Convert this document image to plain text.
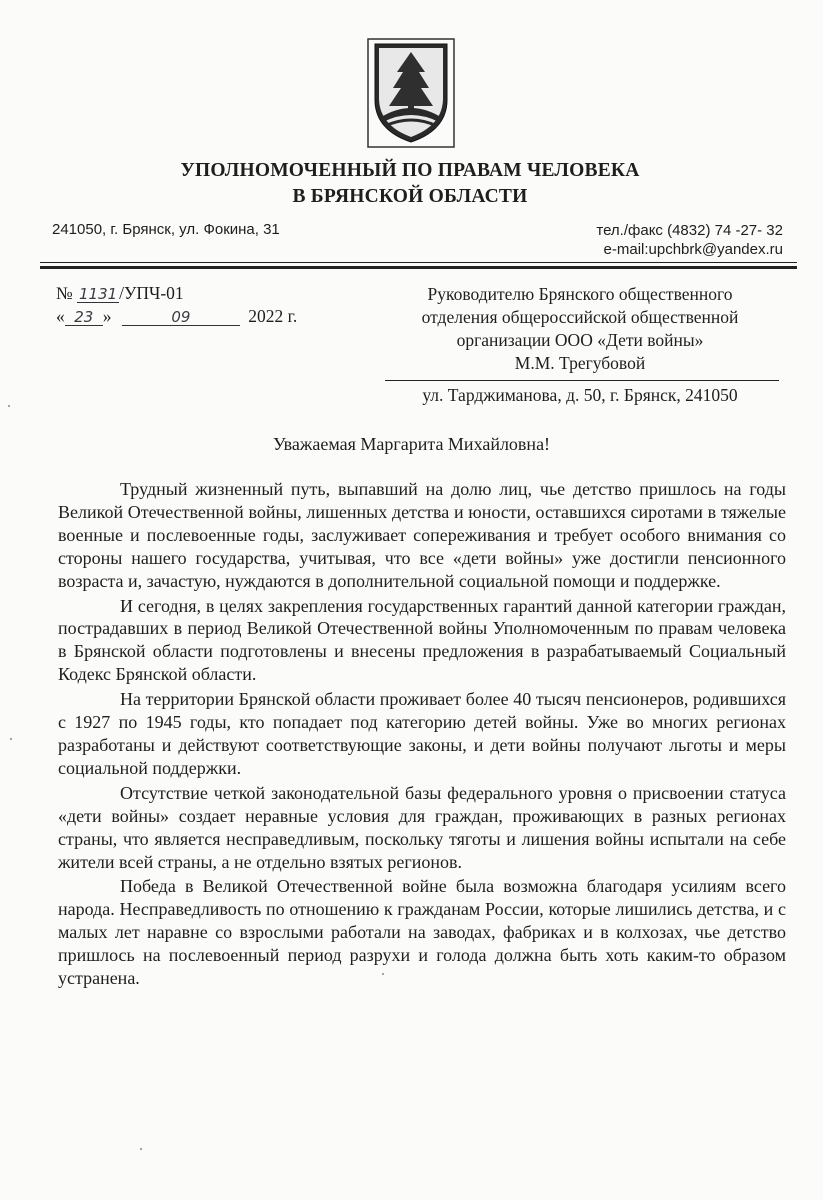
УПОЛНОМОЧЕННЫЙ ПО ПРАВАМ ЧЕЛОВЕКА
В БРЯНСКОЙ ОБЛАСТИ
241050, г. Брянск, ул. Фокина, 31	тел./факс (4832) 74 -27- 32
e-mail:upchbrk@yandex.ru
№ 1131 /УПЧ-01
« 23 »	09	2022 г.
Руководителю Брянского общественного
отделения общероссийской общественной
организации ООО «Дети войны»
М.М. Трегубовой
ул. Тарджиманова, д. 50, г. Брянск, 241050
Уважаемая Маргарита Михайловна!

Трудный жизненный путь, выпавший на долю лиц, чье детство пришлось на годы Великой Отечественной войны, лишенных детства и юности, оставшихся сиротами в тяжелые военные и послевоенные годы, заслуживает сопереживания и требует особого внимания со стороны нашего государства, учитывая, что все «дети войны» уже достигли пенсионного возраста и, зачастую, нуждаются в дополнительной социальной помощи и поддержке.

И сегодня, в целях закрепления государственных гарантий данной категории граждан, пострадавших в период Великой Отечественной войны Уполномоченным по правам человека в Брянской области подготовлены и внесены предложения в разрабатываемый Социальный Кодекс Брянской области.

На территории Брянской области проживает более 40 тысяч пенсионеров, родившихся с 1927 по 1945 годы, кто попадает под категорию детей войны. Уже во многих регионах разработаны и действуют соответствующие законы, и дети войны получают льготы и меры социальной поддержки.

Отсутствие четкой законодательной базы федерального уровня о присвоении статуса «дети войны» создает неравные условия для граждан, проживающих в разных регионах страны, что является несправедливым, поскольку тяготы и лишения войны испытали на себе жители всей страны, а не отдельно взятых регионов.

Победа в Великой Отечественной войне была возможна благодаря усилиям всего народа. Несправедливость по отношению к гражданам России, которые лишились детства, и с малых лет наравне со взрослыми работали на заводах, фабриках и в колхозах, чье детство пришлось на послевоенный период разрухи и голода должна быть хоть каким-то образом устранена.
